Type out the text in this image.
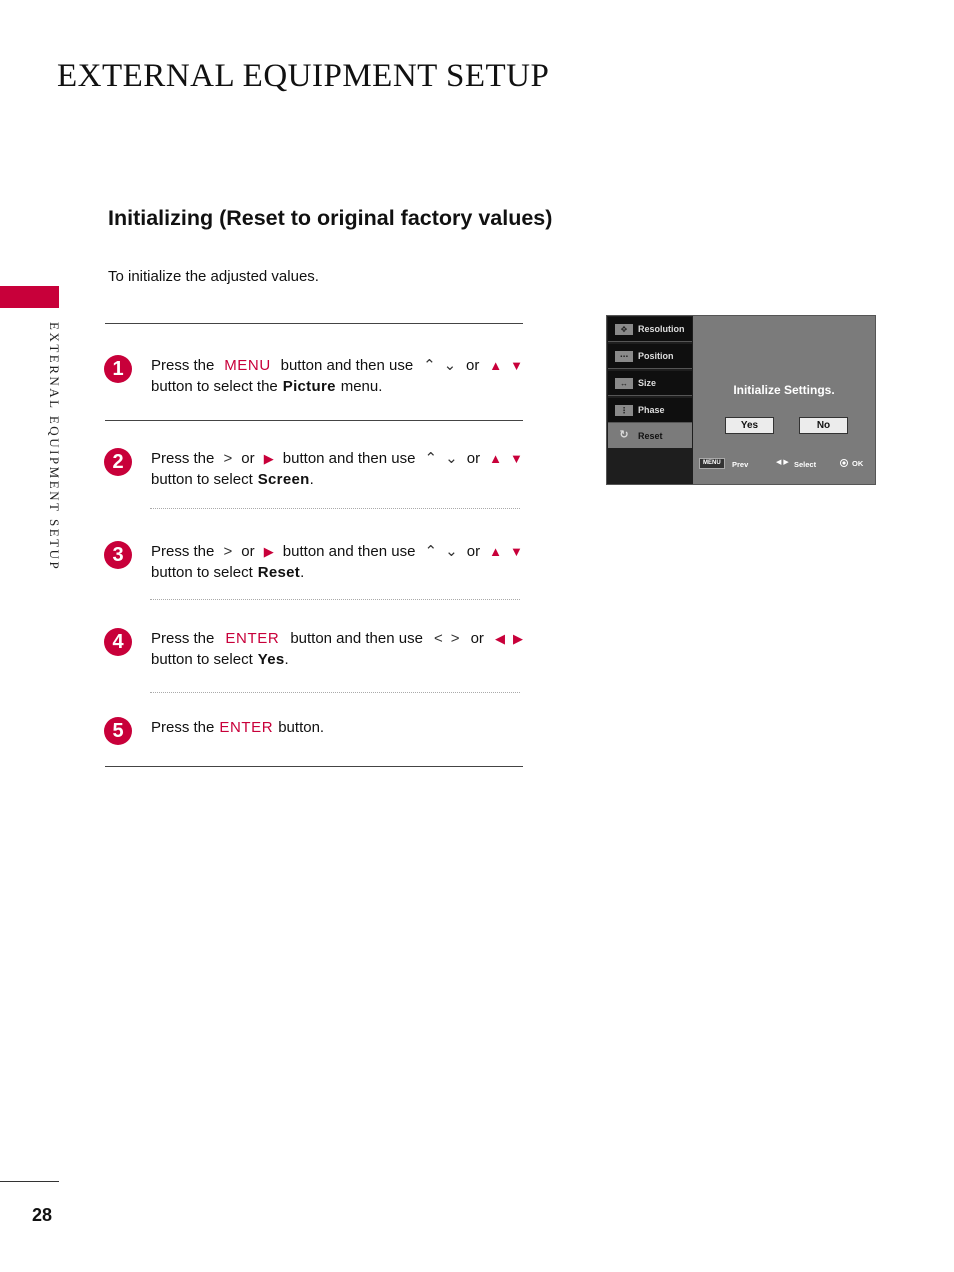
EXTERNAL EQUIPMENT SETUP
EXTERNAL EQUIPMENT SETUP
Initializing (Reset to original factory values)
To initialize the adjusted values.
1	Press the MENU button and then use ⌃ ⌄ or ▲ ▼
button to select the Picture menu.
2	Press the > or ▶ button and then use ⌃ ⌄ or ▲ ▼
button to select Screen.
3	Press the > or ▶ button and then use ⌃ ⌄ or ▲ ▼
button to select Reset.
4	Press the ENTER button and then use < > or ◀ ▶
button to select Yes.
5	Press the ENTER button.
✥	Resolution
⋯	Position
↔	Size
⋮	Phase
↻	Reset
Initialize Settings.
Yes	No
MENU	Prev	◀ ▶ Select	OK
28
